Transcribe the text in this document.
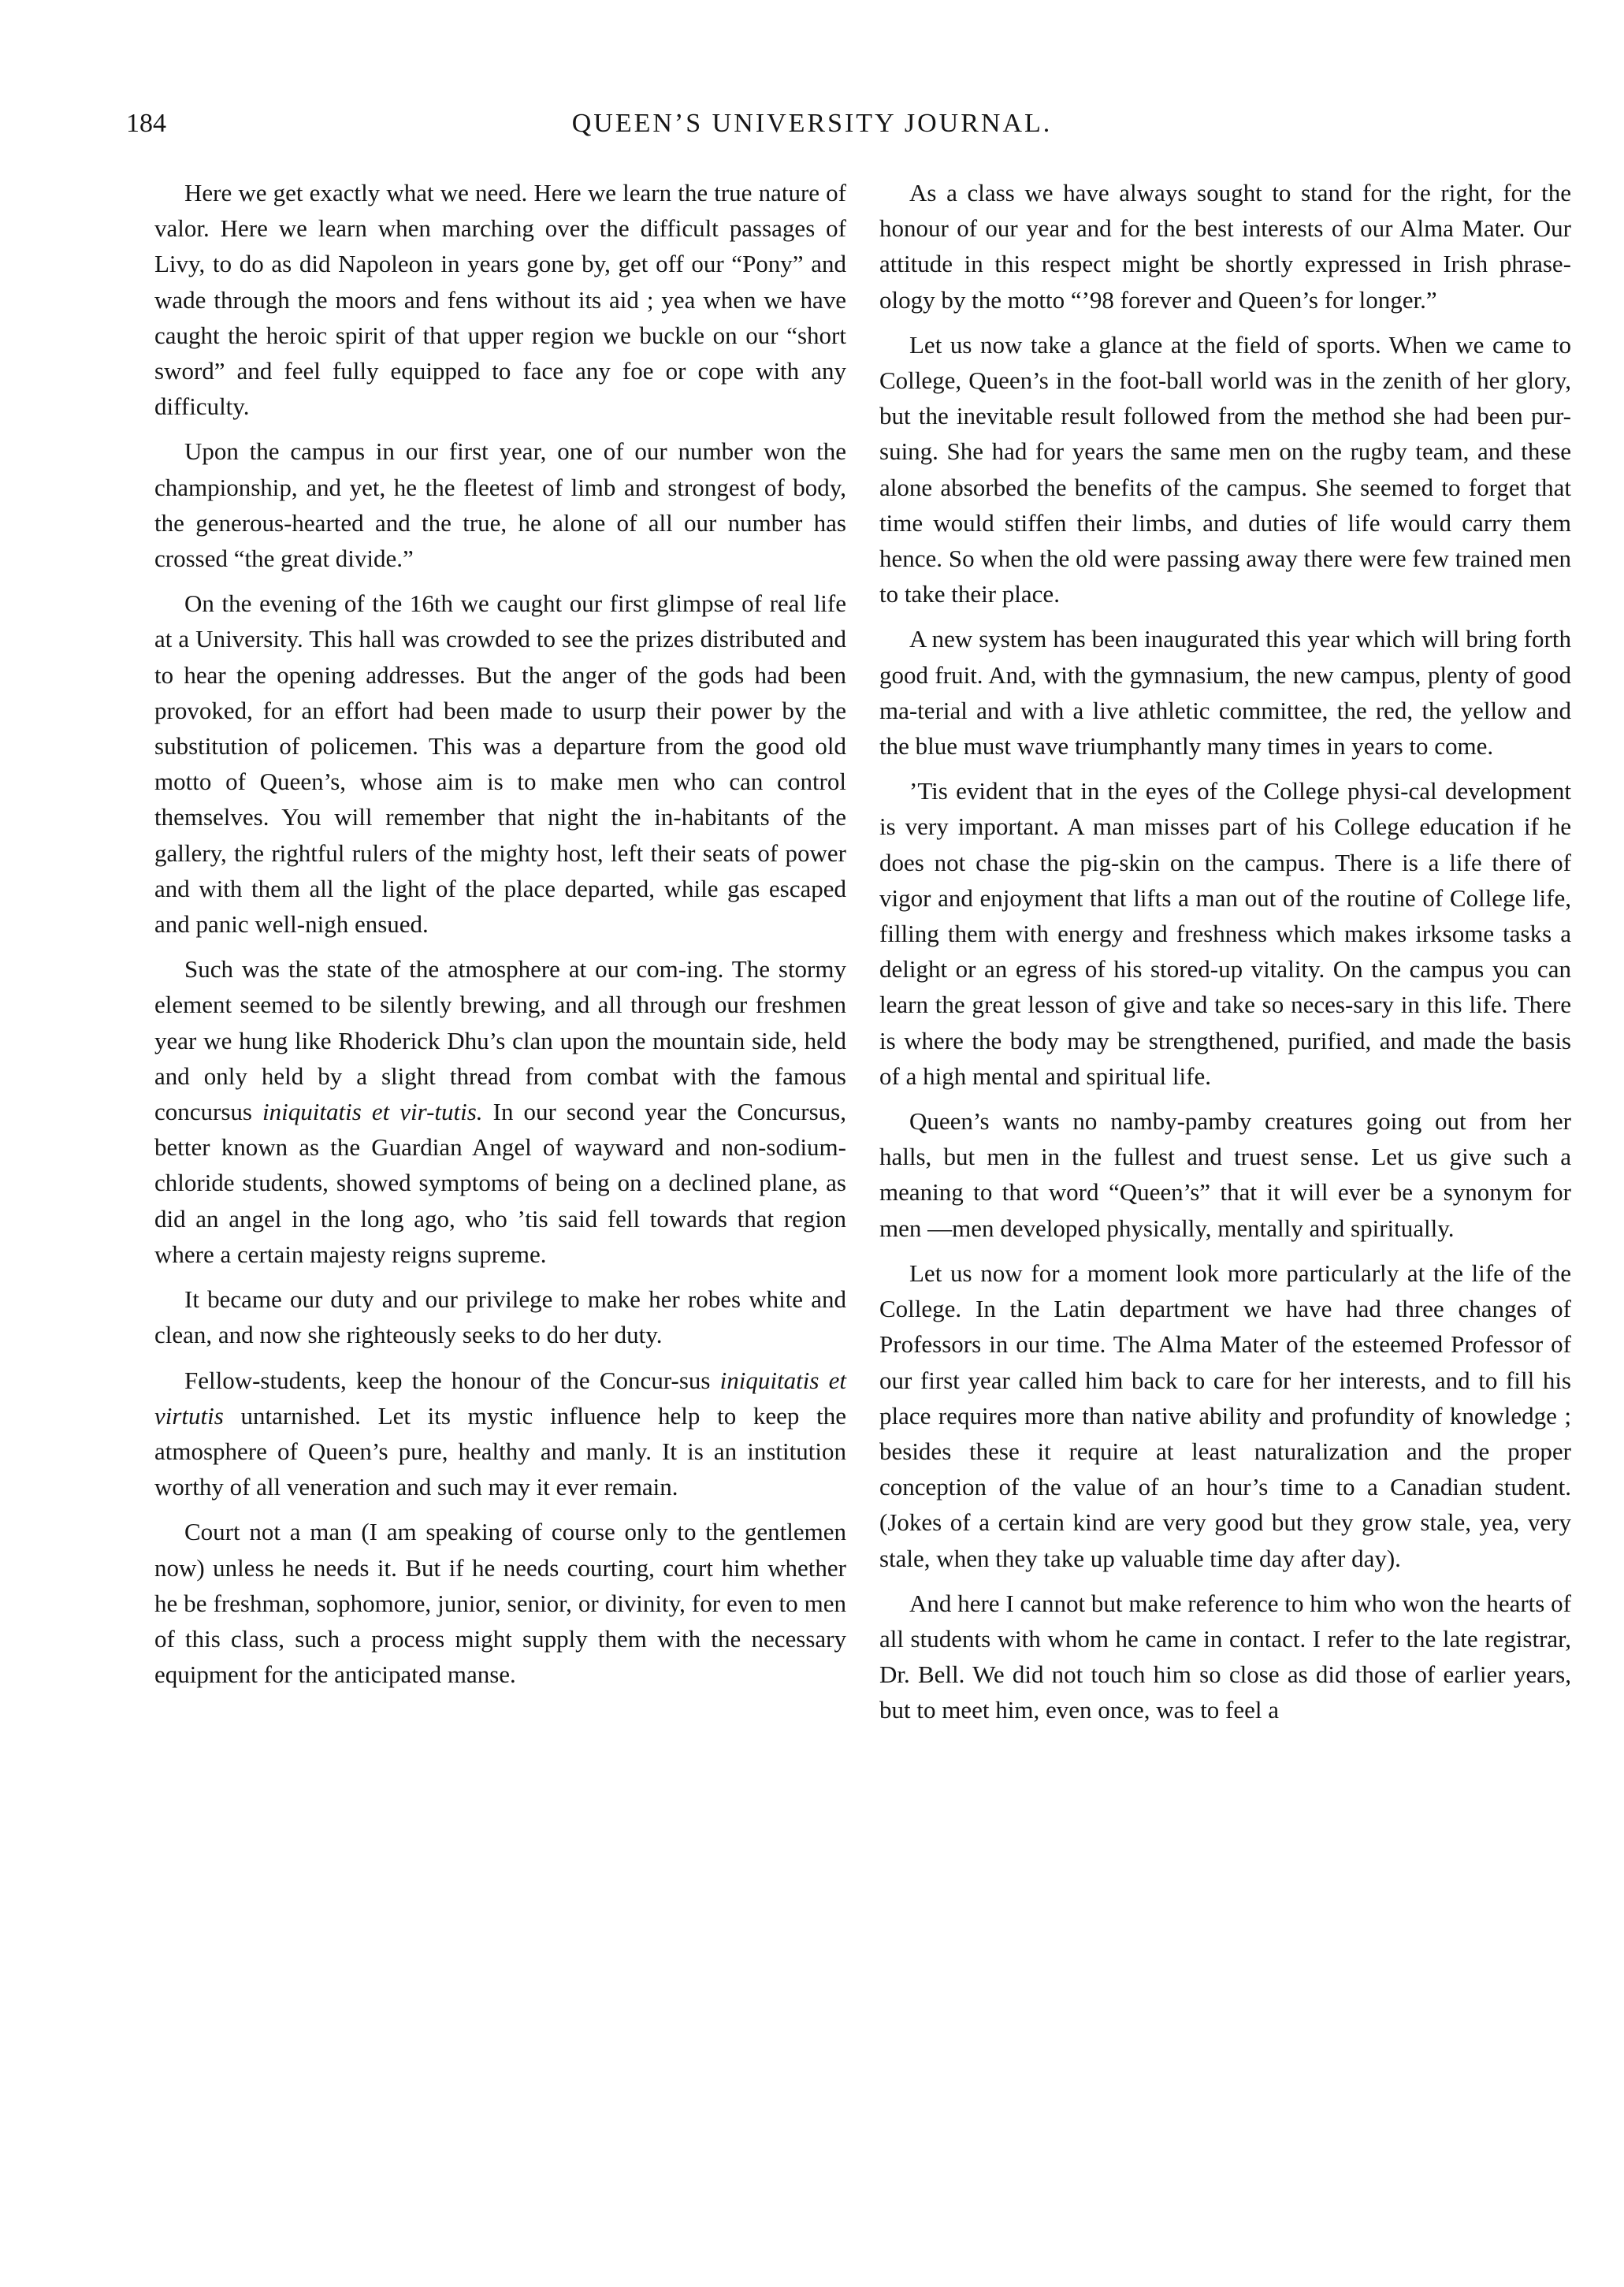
184	QUEEN’S UNIVERSITY JOURNAL.

Here we get exactly what we need. Here we learn the true nature of valor. Here we learn when marching over the difficult passages of Livy, to do as did Napoleon in years gone by, get off our “Pony” and wade through the moors and fens without its aid ; yea when we have caught the heroic spirit of that upper region we buckle on our “short sword” and feel fully equipped to face any foe or cope with any difficulty.

Upon the campus in our first year, one of our number won the championship, and yet, he the fleetest of limb and strongest of body, the generous-hearted and the true, he alone of all our number has crossed “the great divide.”

On the evening of the 16th we caught our first glimpse of real life at a University. This hall was crowded to see the prizes distributed and to hear the opening addresses. But the anger of the gods had been provoked, for an effort had been made to usurp their power by the substitution of policemen. This was a departure from the good old motto of Queen’s, whose aim is to make men who can control themselves. You will remember that night the in-habitants of the gallery, the rightful rulers of the mighty host, left their seats of power and with them all the light of the place departed, while gas escaped and panic well-nigh ensued.

Such was the state of the atmosphere at our com-ing. The stormy element seemed to be silently brewing, and all through our freshmen year we hung like Rhoderick Dhu’s clan upon the mountain side, held and only held by a slight thread from combat with the famous concursus iniquitatis et vir-tutis. In our second year the Concursus, better known as the Guardian Angel of wayward and non-sodium-chloride students, showed symptoms of being on a declined plane, as did an angel in the long ago, who ’tis said fell towards that region where a certain majesty reigns supreme.

It became our duty and our privilege to make her robes white and clean, and now she righteously seeks to do her duty.

Fellow-students, keep the honour of the Concur-sus iniquitatis et virtutis untarnished. Let its mystic influence help to keep the atmosphere of Queen’s pure, healthy and manly. It is an institution worthy of all veneration and such may it ever remain.

Court not a man (I am speaking of course only to the gentlemen now) unless he needs it. But if he needs courting, court him whether he be freshman, sophomore, junior, senior, or divinity, for even to men of this class, such a process might supply them with the necessary equipment for the anticipated manse.

As a class we have always sought to stand for the right, for the honour of our year and for the best interests of our Alma Mater. Our attitude in this respect might be shortly expressed in Irish phrase-ology by the motto “’98 forever and Queen’s for longer.”

Let us now take a glance at the field of sports. When we came to College, Queen’s in the foot-ball world was in the zenith of her glory, but the inevitable result followed from the method she had been pur-suing. She had for years the same men on the rugby team, and these alone absorbed the benefits of the campus. She seemed to forget that time would stiffen their limbs, and duties of life would carry them hence. So when the old were passing away there were few trained men to take their place.

A new system has been inaugurated this year which will bring forth good fruit. And, with the gymnasium, the new campus, plenty of good ma-terial and with a live athletic committee, the red, the yellow and the blue must wave triumphantly many times in years to come.

’Tis evident that in the eyes of the College physi-cal development is very important. A man misses part of his College education if he does not chase the pig-skin on the campus. There is a life there of vigor and enjoyment that lifts a man out of the routine of College life, filling them with energy and freshness which makes irksome tasks a delight or an egress of his stored-up vitality. On the campus you can learn the great lesson of give and take so neces-sary in this life. There is where the body may be strengthened, purified, and made the basis of a high mental and spiritual life.

Queen’s wants no namby-pamby creatures going out from her halls, but men in the fullest and truest sense. Let us give such a meaning to that word “Queen’s” that it will ever be a synonym for men —men developed physically, mentally and spiritually.

Let us now for a moment look more particularly at the life of the College. In the Latin department we have had three changes of Professors in our time. The Alma Mater of the esteemed Professor of our first year called him back to care for her interests, and to fill his place requires more than native ability and profundity of knowledge ; besides these it require at least naturalization and the proper conception of the value of an hour’s time to a Canadian student. (Jokes of a certain kind are very good but they grow stale, yea, very stale, when they take up valuable time day after day).

And here I cannot but make reference to him who won the hearts of all students with whom he came in contact. I refer to the late registrar, Dr. Bell. We did not touch him so close as did those of earlier years, but to meet him, even once, was to feel a
